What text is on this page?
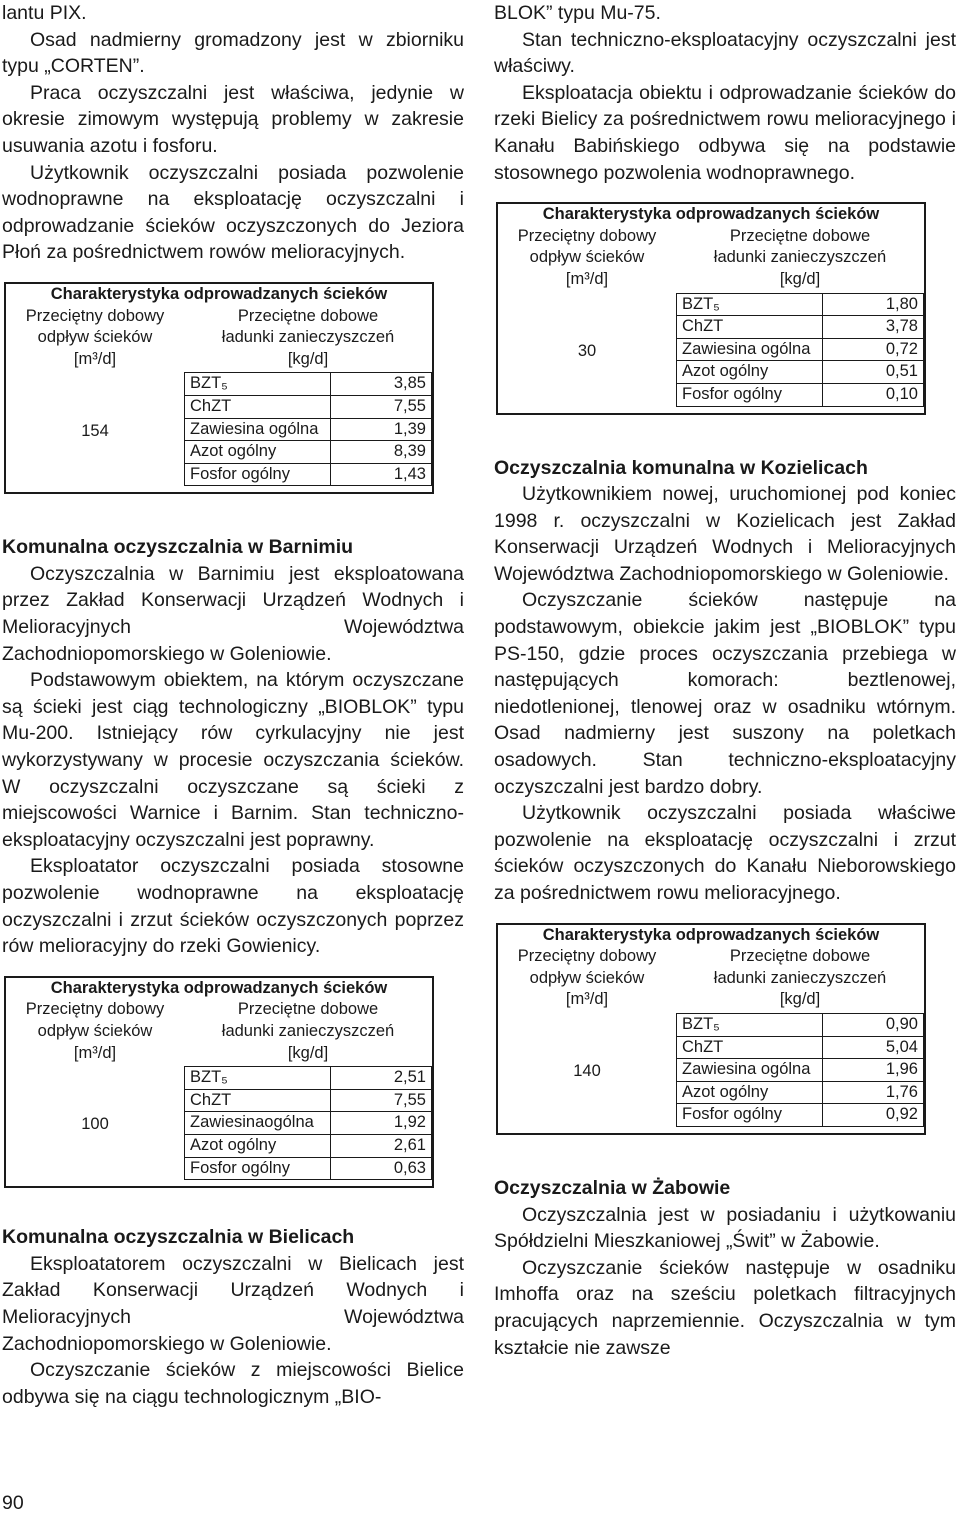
lantu PIX.

Osad nadmierny gromadzony jest w zbiorniku typu „CORTEN”.

Praca oczyszczalni jest właściwa, jedynie w okresie zimowym występują problemy w zakresie usuwania azotu i fosforu.

Użytkownik oczyszczalni posiada pozwolenie wodnoprawne na eksploatację oczyszczalni i odprowadzanie ścieków oczyszczonych do Jeziora Płoń za pośrednictwem rowów melioracyjnych.

Charakterystyka odprowadzanych ścieków

Przeciętny dobowy
odpływ ścieków
[m³/d]

Przeciętne dobowe
ładunki zanieczyszczeń
[kg/d]

154	
BZT₅	3,85
ChZT	7,55
Zawiesina ogólna	1,39
Azot ogólny	8,39
Fosfor ogólny	1,43
Komunalna oczyszczalnia w Barnimiu

Oczyszczalnia w Barnimiu jest eksploatowana przez Zakład Konserwacji Urządzeń Wodnych i Melioracyjnych Województwa Zachodniopomorskiego w Goleniowie.

Podstawowym obiektem, na którym oczyszczane są ścieki jest ciąg technologiczny „BIOBLOK” typu Mu-200. Istniejący rów cyrkulacyjny nie jest wykorzystywany w procesie oczyszczania ścieków. W oczyszczalni oczyszczane są ścieki z miejscowości Warnice i Barnim. Stan techniczno-eksploatacyjny oczyszczalni jest poprawny.

Eksploatator oczyszczalni posiada stosowne pozwolenie wodnoprawne na eksploatację oczyszczalni i zrzut ścieków oczyszczonych poprzez rów melioracyjny do rzeki Gowienicy.

Charakterystyka odprowadzanych ścieków

Przeciętny dobowy
odpływ ścieków
[m³/d]

Przeciętne dobowe
ładunki zanieczyszczeń
[kg/d]

100	
BZT₅	2,51
ChZT	7,55
Zawiesinaogólna	1,92
Azot ogólny	2,61
Fosfor ogólny	0,63
Komunalna oczyszczalnia w Bielicach

Eksploatatorem oczyszczalni w Bielicach jest Zakład Konserwacji Urządzeń Wodnych i Melioracyjnych Województwa Zachodniopomorskiego w Goleniowie.

Oczyszczanie ścieków z miejscowości Bielice odbywa się na ciągu technologicznym „BIO-

BLOK” typu Mu-75.

Stan techniczno-eksploatacyjny oczyszczalni jest właściwy.

Eksploatacja obiektu i odprowadzanie ścieków do rzeki Bielicy za pośrednictwem rowu melioracyjnego i Kanału Babińskiego odbywa się na podstawie stosownego pozwolenia wodnoprawnego.

Charakterystyka odprowadzanych ścieków

Przeciętny dobowy
odpływ ścieków
[m³/d]

Przeciętne dobowe
ładunki zanieczyszczeń
[kg/d]

30	
BZT₅	1,80
ChZT	3,78
Zawiesina ogólna	0,72
Azot ogólny	0,51
Fosfor ogólny	0,10
Oczyszczalnia komunalna w Kozielicach

Użytkownikiem nowej, uruchomionej pod koniec 1998 r. oczyszczalni w Kozielicach jest Zakład Konserwacji Urządzeń Wodnych i Melioracyjnych Województwa Zachodniopomorskiego w Goleniowie.

Oczyszczanie ścieków następuje na podstawowym, obiekcie jakim jest „BIOBLOK” typu PS-150, gdzie proces oczyszczania przebiega w następujących komorach: beztlenowej, niedotlenionej, tlenowej oraz w osadniku wtórnym. Osad nadmierny jest suszony na poletkach osadowych. Stan techniczno-eksploatacyjny oczyszczalni jest bardzo dobry.

Użytkownik oczyszczalni posiada właściwe pozwolenie na eksploatację oczyszczalni i zrzut ścieków oczyszczonych do Kanału Nieborowskiego za pośrednictwem rowu melioracyjnego.

Charakterystyka odprowadzanych ścieków

Przeciętny dobowy
odpływ ścieków
[m³/d]

Przeciętne dobowe
ładunki zanieczyszczeń
[kg/d]

140	
BZT₅	0,90
ChZT	5,04
Zawiesina ogólna	1,96
Azot ogólny	1,76
Fosfor ogólny	0,92
Oczyszczalnia w Żabowie

Oczyszczalnia jest w posiadaniu i użytkowaniu Spółdzielni Mieszkaniowej „Świt” w Żabowie.

Oczyszczanie ścieków następuje w osadniku Imhoffa oraz na sześciu poletkach filtracyjnych pracujących naprzemiennie. Oczyszczalnia w tym kształcie nie zawsze

90
